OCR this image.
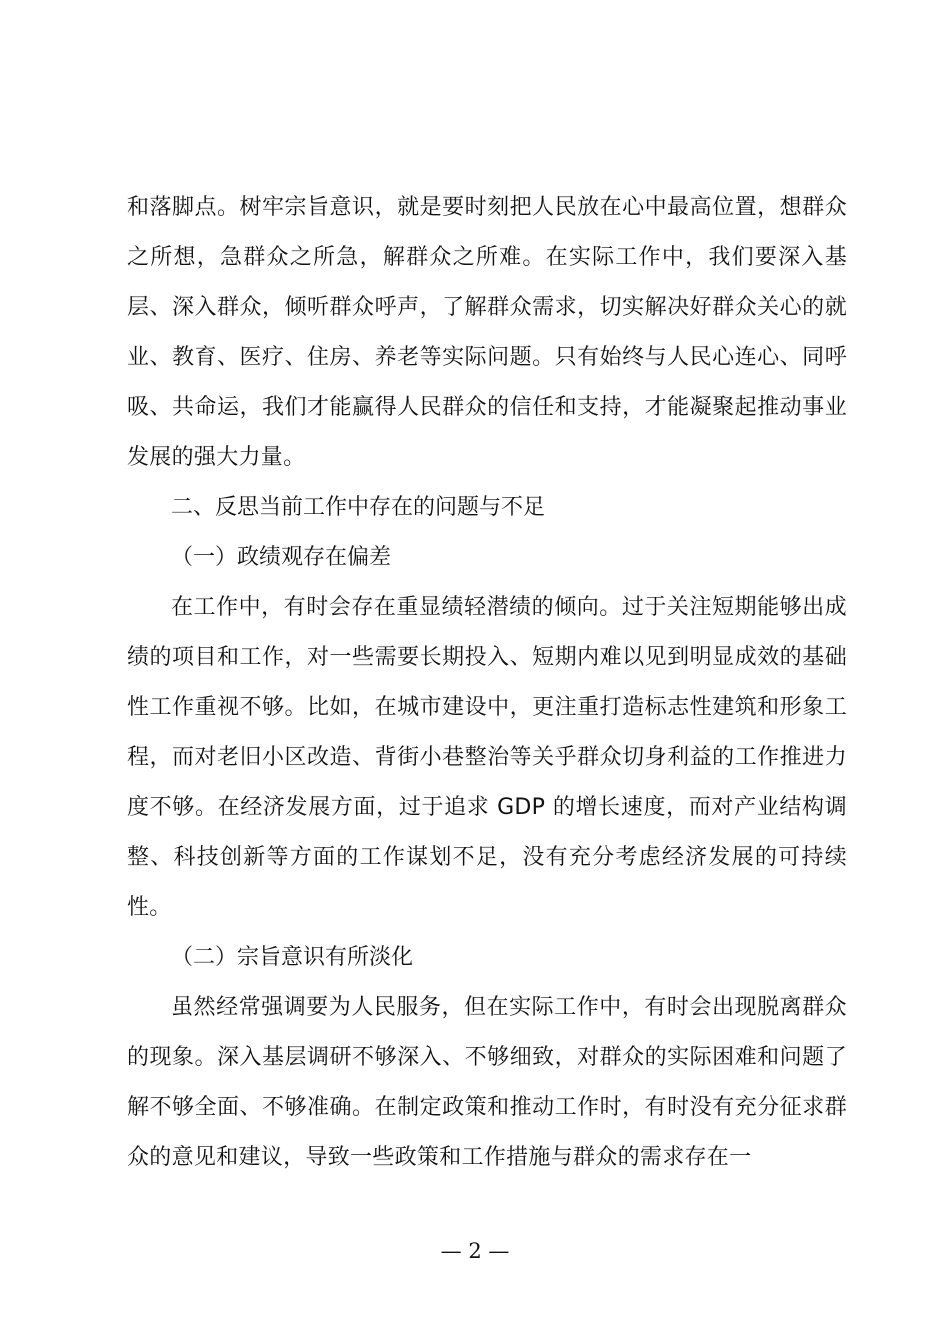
和落脚点。树牢宗旨意识，就是要时刻把人民放在心中最高位置，想群众之所想，急群众之所急，解群众之所难。在实际工作中，我们要深入基层、深入群众，倾听群众呼声，了解群众需求，切实解决好群众关心的就业、教育、医疗、住房、养老等实际问题。只有始终与人民心连心、同呼吸、共命运，我们才能赢得人民群众的信任和支持，才能凝聚起推动事业发展的强大力量。

二、反思当前工作中存在的问题与不足

（一）政绩观存在偏差

在工作中，有时会存在重显绩轻潜绩的倾向。过于关注短期能够出成绩的项目和工作，对一些需要长期投入、短期内难以见到明显成效的基础性工作重视不够。比如，在城市建设中，更注重打造标志性建筑和形象工程，而对老旧小区改造、背街小巷整治等关乎群众切身利益的工作推进力度不够。在经济发展方面，过于追求 GDP 的增长速度，而对产业结构调整、科技创新等方面的工作谋划不足，没有充分考虑经济发展的可持续性。

（二）宗旨意识有所淡化

虽然经常强调要为人民服务，但在实际工作中，有时会出现脱离群众的现象。深入基层调研不够深入、不够细致，对群众的实际困难和问题了解不够全面、不够准确。在制定政策和推动工作时，有时没有充分征求群众的意见和建议，导致一些政策和工作措施与群众的需求存在一

— 2 —
